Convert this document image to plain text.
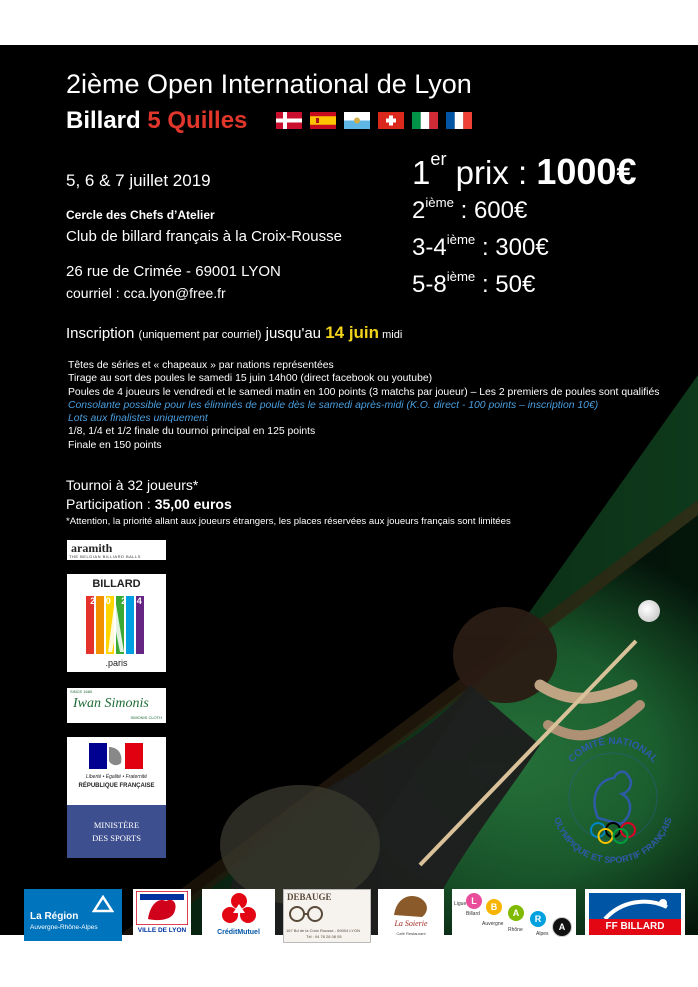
2ième Open International de Lyon
Billard 5 Quilles
5, 6 & 7 juillet 2019
Cercle des Chefs d’Atelier
Club de billard français à la Croix-Rousse
26 rue de Crimée - 69001 LYON
courriel : cca.lyon@free.fr
1er prix : 1000€
2ième : 600€
3-4ième : 300€
5-8ième : 50€
Inscription (uniquement par courriel) jusqu'au 14 juin midi
Têtes de séries et « chapeaux » par nations représentées
Tirage au sort des poules le samedi 15 juin 14h00 (direct facebook ou youtube)
Poules de 4 joueurs le vendredi et le samedi matin en 100 points (3 matchs par joueur) – Les 2 premiers de poules sont qualifiés
Consolante possible pour les éliminés de poule dès le samedi après-midi (K.O. direct - 100 points – inscription 10€)
Lots aux finalistes uniquement
1/8, 1/4 et 1/2 finale du tournoi principal en 125 points
Finale en 150 points
Tournoi à 32 joueurs*
Participation : 35,00 euros
*Attention, la priorité allant aux joueurs étrangers, les places réservées aux joueurs français sont limitées
aramith
THE BELGIAN BILLIARD BALLS
BILLARD
2 0 2 4
.paris
SINCE 1680
Iwan Simonis
SIMONIS CLOTH
Liberté • Égalité • Fraternité
RÉPUBLIQUE FRANÇAISE
MINISTÈRE
DES SPORTS
COMITÉ NATIONAL
OLYMPIQUE ET SPORTIF FRANÇAIS
La Région
Auvergne-Rhône-Alpes	VILLE DE LYON	CréditMutuel
DEBAUGE
167 Bd de la Croix Rousse - 69004 LYON
Tél : 04 78 28 08 05
La Soierie
Café Restaurant
Ligue
Billard
Auvergne
Rhône
Alpes
L
B
A
R
A	FF BILLARD
